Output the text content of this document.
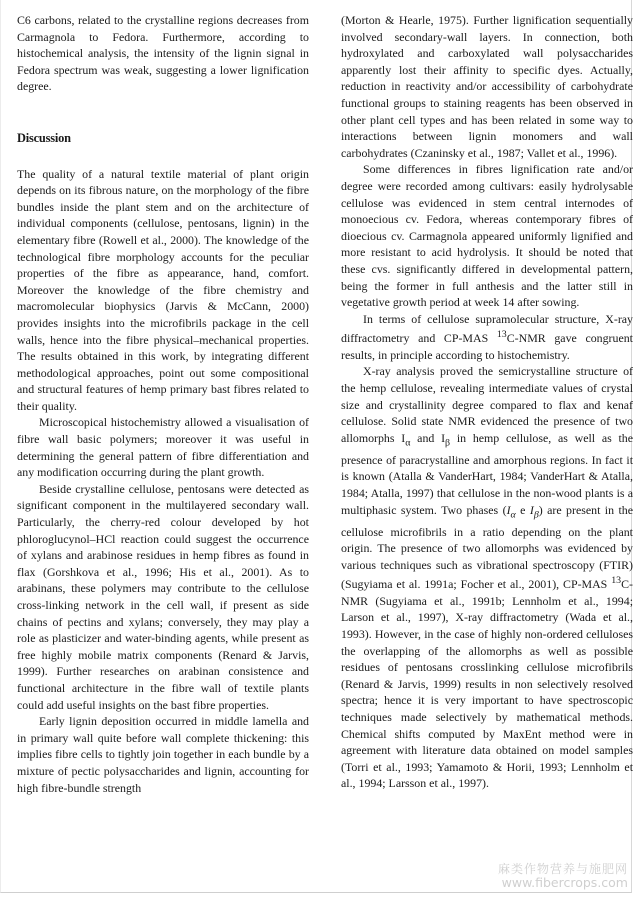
C6 carbons, related to the crystalline regions decreases from Carmagnola to Fedora. Furthermore, according to histochemical analysis, the intensity of the lignin signal in Fedora spectrum was weak, suggesting a lower lignification degree.

Discussion

The quality of a natural textile material of plant origin depends on its fibrous nature, on the morphology of the fibre bundles inside the plant stem and on the architecture of individual components (cellulose, pentosans, lignin) in the elementary fibre (Rowell et al., 2000). The knowledge of the technological fibre morphology accounts for the peculiar properties of the fibre as appearance, hand, comfort. Moreover the knowledge of the fibre chemistry and macromolecular biophysics (Jarvis & McCann, 2000) provides insights into the microfibrils package in the cell walls, hence into the fibre physical–mechanical properties. The results obtained in this work, by integrating different methodological approaches, point out some compositional and structural features of hemp primary bast fibres related to their quality.

Microscopical histochemistry allowed a visualisation of fibre wall basic polymers; moreover it was useful in determining the general pattern of fibre differentiation and any modification occurring during the plant growth.

Beside crystalline cellulose, pentosans were detected as significant component in the multilayered secondary wall. Particularly, the cherry-red colour developed by hot phloroglucynol–HCl reaction could suggest the occurrence of xylans and arabinose residues in hemp fibres as found in flax (Gorshkova et al., 1996; His et al., 2001). As to arabinans, these polymers may contribute to the cellulose cross-linking network in the cell wall, if present as side chains of pectins and xylans; conversely, they may play a role as plasticizer and water-binding agents, while present as free highly mobile matrix components (Renard & Jarvis, 1999). Further researches on arabinan consistence and functional architecture in the fibre wall of textile plants could add useful insights on the bast fibre properties.

Early lignin deposition occurred in middle lamella and in primary wall quite before wall complete thickening: this implies fibre cells to tightly join together in each bundle by a mixture of pectic polysaccharides and lignin, accounting for high fibre-bundle strength

(Morton & Hearle, 1975). Further lignification sequentially involved secondary-wall layers. In connection, both hydroxylated and carboxylated wall polysaccharides apparently lost their affinity to specific dyes. Actually, reduction in reactivity and/or accessibility of carbohydrate functional groups to staining reagents has been observed in other plant cell types and has been related in some way to interactions between lignin monomers and wall carbohydrates (Czaninsky et al., 1987; Vallet et al., 1996).

Some differences in fibres lignification rate and/or degree were recorded among cultivars: easily hydrolysable cellulose was evidenced in stem central internodes of monoecious cv. Fedora, whereas contemporary fibres of dioecious cv. Carmagnola appeared uniformly lignified and more resistant to acid hydrolysis. It should be noted that these cvs. significantly differed in developmental pattern, being the former in full anthesis and the latter still in vegetative growth period at week 14 after sowing.

In terms of cellulose supramolecular structure, X-ray diffractometry and CP-MAS $^{13}$C-NMR gave congruent results, in principle according to histochemistry.

X-ray analysis proved the semicrystalline structure of the hemp cellulose, revealing intermediate values of crystal size and crystallinity degree compared to flax and kenaf cellulose. Solid state NMR evidenced the presence of two allomorphs $I_\alpha$ and $I_\beta$ in hemp cellulose, as well as the presence of paracrystalline and amorphous regions. In fact it is known (Atalla & VanderHart, 1984; VanderHart & Atalla, 1984; Atalla, 1997) that cellulose in the non-wood plants is a multiphasic system. Two phases ($I_\alpha$ e $I_\beta$) are present in the cellulose microfibrils in a ratio depending on the plant origin. The presence of two allomorphs was evidenced by various techniques such as vibrational spectroscopy (FTIR) (Sugyiama et al. 1991a; Focher et al., 2001), CP-MAS $^{13}$C-NMR (Sugyiama et al., 1991b; Lennholm et al., 1994; Larson et al., 1997), X-ray diffractometry (Wada et al., 1993). However, in the case of highly non-ordered celluloses the overlapping of the allomorphs as well as possible residues of pentosans crosslinking cellulose microfibrils (Renard & Jarvis, 1999) results in non selectively resolved spectra; hence it is very important to have spectroscopic techniques made selectively by mathematical methods. Chemical shifts computed by MaxEnt method were in agreement with literature data obtained on model samples (Torri et al., 1993; Yamamoto & Horii, 1993; Lennholm et al., 1994; Larsson et al., 1997).

麻类作物营养与施肥网
www.fibercrops.com
